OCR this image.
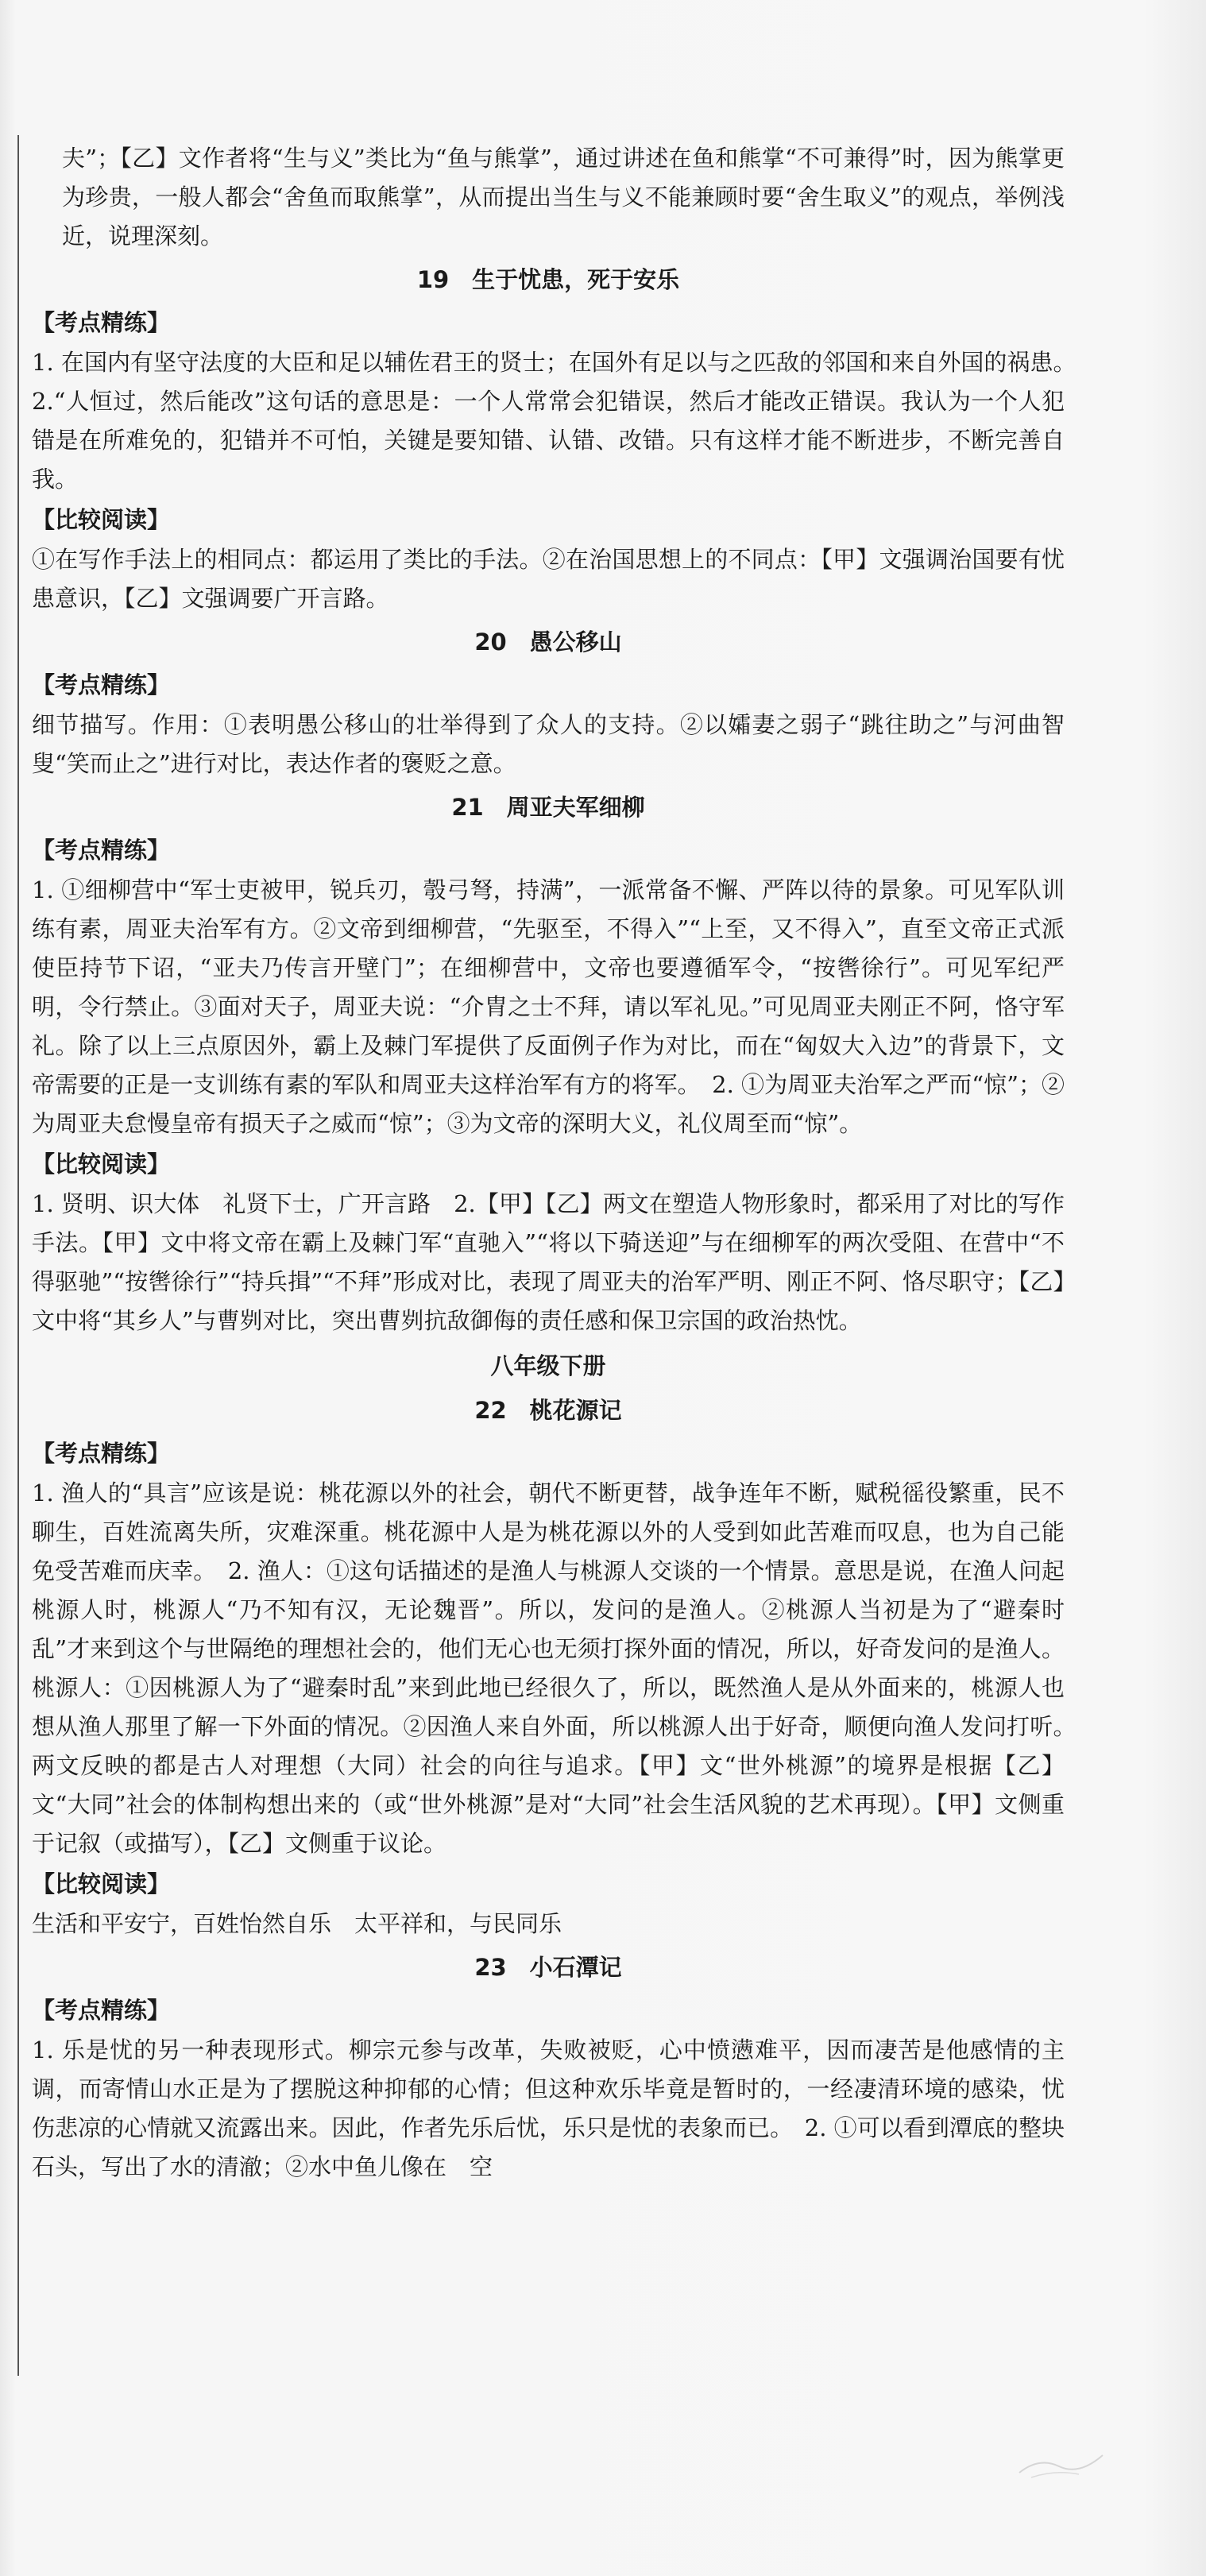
夫”；【乙】文作者将“生与义”类比为“鱼与熊掌”，通过讲述在鱼和熊掌“不可兼得”时，因为熊掌更为珍贵，一般人都会“舍鱼而取熊掌”，从而提出当生与义不能兼顾时要“舍生取义”的观点，举例浅近，说理深刻。

19　生于忧患，死于安乐

【考点精练】

1. 在国内有坚守法度的大臣和足以辅佐君王的贤士；在国外有足以与之匹敌的邻国和来自外国的祸患。　2.“人恒过，然后能改”这句话的意思是：一个人常常会犯错误，然后才能改正错误。我认为一个人犯错是在所难免的，犯错并不可怕，关键是要知错、认错、改错。只有这样才能不断进步，不断完善自我。

【比较阅读】

①在写作手法上的相同点：都运用了类比的手法。②在治国思想上的不同点：【甲】文强调治国要有忧患意识，【乙】文强调要广开言路。

20　愚公移山

【考点精练】

细节描写。作用：①表明愚公移山的壮举得到了众人的支持。②以孀妻之弱子“跳往助之”与河曲智叟“笑而止之”进行对比，表达作者的褒贬之意。

21　周亚夫军细柳

【考点精练】

1. ①细柳营中“军士吏被甲，锐兵刃，彀弓弩，持满”，一派常备不懈、严阵以待的景象。可见军队训练有素，周亚夫治军有方。②文帝到细柳营，“先驱至，不得入”“上至，又不得入”，直至文帝正式派使臣持节下诏，“亚夫乃传言开壁门”；在细柳营中，文帝也要遵循军令，“按辔徐行”。可见军纪严明，令行禁止。③面对天子，周亚夫说：“介胄之士不拜，请以军礼见。”可见周亚夫刚正不阿，恪守军礼。除了以上三点原因外，霸上及棘门军提供了反面例子作为对比，而在“匈奴大入边”的背景下，文帝需要的正是一支训练有素的军队和周亚夫这样治军有方的将军。　2. ①为周亚夫治军之严而“惊”；②为周亚夫怠慢皇帝有损天子之威而“惊”；③为文帝的深明大义，礼仪周至而“惊”。

【比较阅读】

1. 贤明、识大体　礼贤下士，广开言路　2.【甲】【乙】两文在塑造人物形象时，都采用了对比的写作手法。【甲】文中将文帝在霸上及棘门军“直驰入”“将以下骑送迎”与在细柳军的两次受阻、在营中“不得驱驰”“按辔徐行”“持兵揖”“不拜”形成对比，表现了周亚夫的治军严明、刚正不阿、恪尽职守；【乙】文中将“其乡人”与曹刿对比，突出曹刿抗敌御侮的责任感和保卫宗国的政治热忱。

八年级下册

22　桃花源记

【考点精练】

1. 渔人的“具言”应该是说：桃花源以外的社会，朝代不断更替，战争连年不断，赋税徭役繁重，民不聊生，百姓流离失所，灾难深重。桃花源中人是为桃花源以外的人受到如此苦难而叹息，也为自己能免受苦难而庆幸。　2. 渔人：①这句话描述的是渔人与桃源人交谈的一个情景。意思是说，在渔人问起桃源人时，桃源人“乃不知有汉，无论魏晋”。所以，发问的是渔人。②桃源人当初是为了“避秦时乱”才来到这个与世隔绝的理想社会的，他们无心也无须打探外面的情况，所以，好奇发问的是渔人。桃源人：①因桃源人为了“避秦时乱”来到此地已经很久了，所以，既然渔人是从外面来的，桃源人也想从渔人那里了解一下外面的情况。②因渔人来自外面，所以桃源人出于好奇，顺便向渔人发问打听。　两文反映的都是古人对理想（大同）社会的向往与追求。【甲】文“世外桃源”的境界是根据【乙】文“大同”社会的体制构想出来的（或“世外桃源”是对“大同”社会生活风貌的艺术再现）。【甲】文侧重于记叙（或描写），【乙】文侧重于议论。

【比较阅读】

生活和平安宁，百姓怡然自乐　太平祥和，与民同乐

23　小石潭记

【考点精练】

1. 乐是忧的另一种表现形式。柳宗元参与改革，失败被贬，心中愤懑难平，因而凄苦是他感情的主调，而寄情山水正是为了摆脱这种抑郁的心情；但这种欢乐毕竟是暂时的，一经凄清环境的感染，忧伤悲凉的心情就又流露出来。因此，作者先乐后忧，乐只是忧的表象而已。　2. ①可以看到潭底的整块石头，写出了水的清澈；②水中鱼儿像在　空
